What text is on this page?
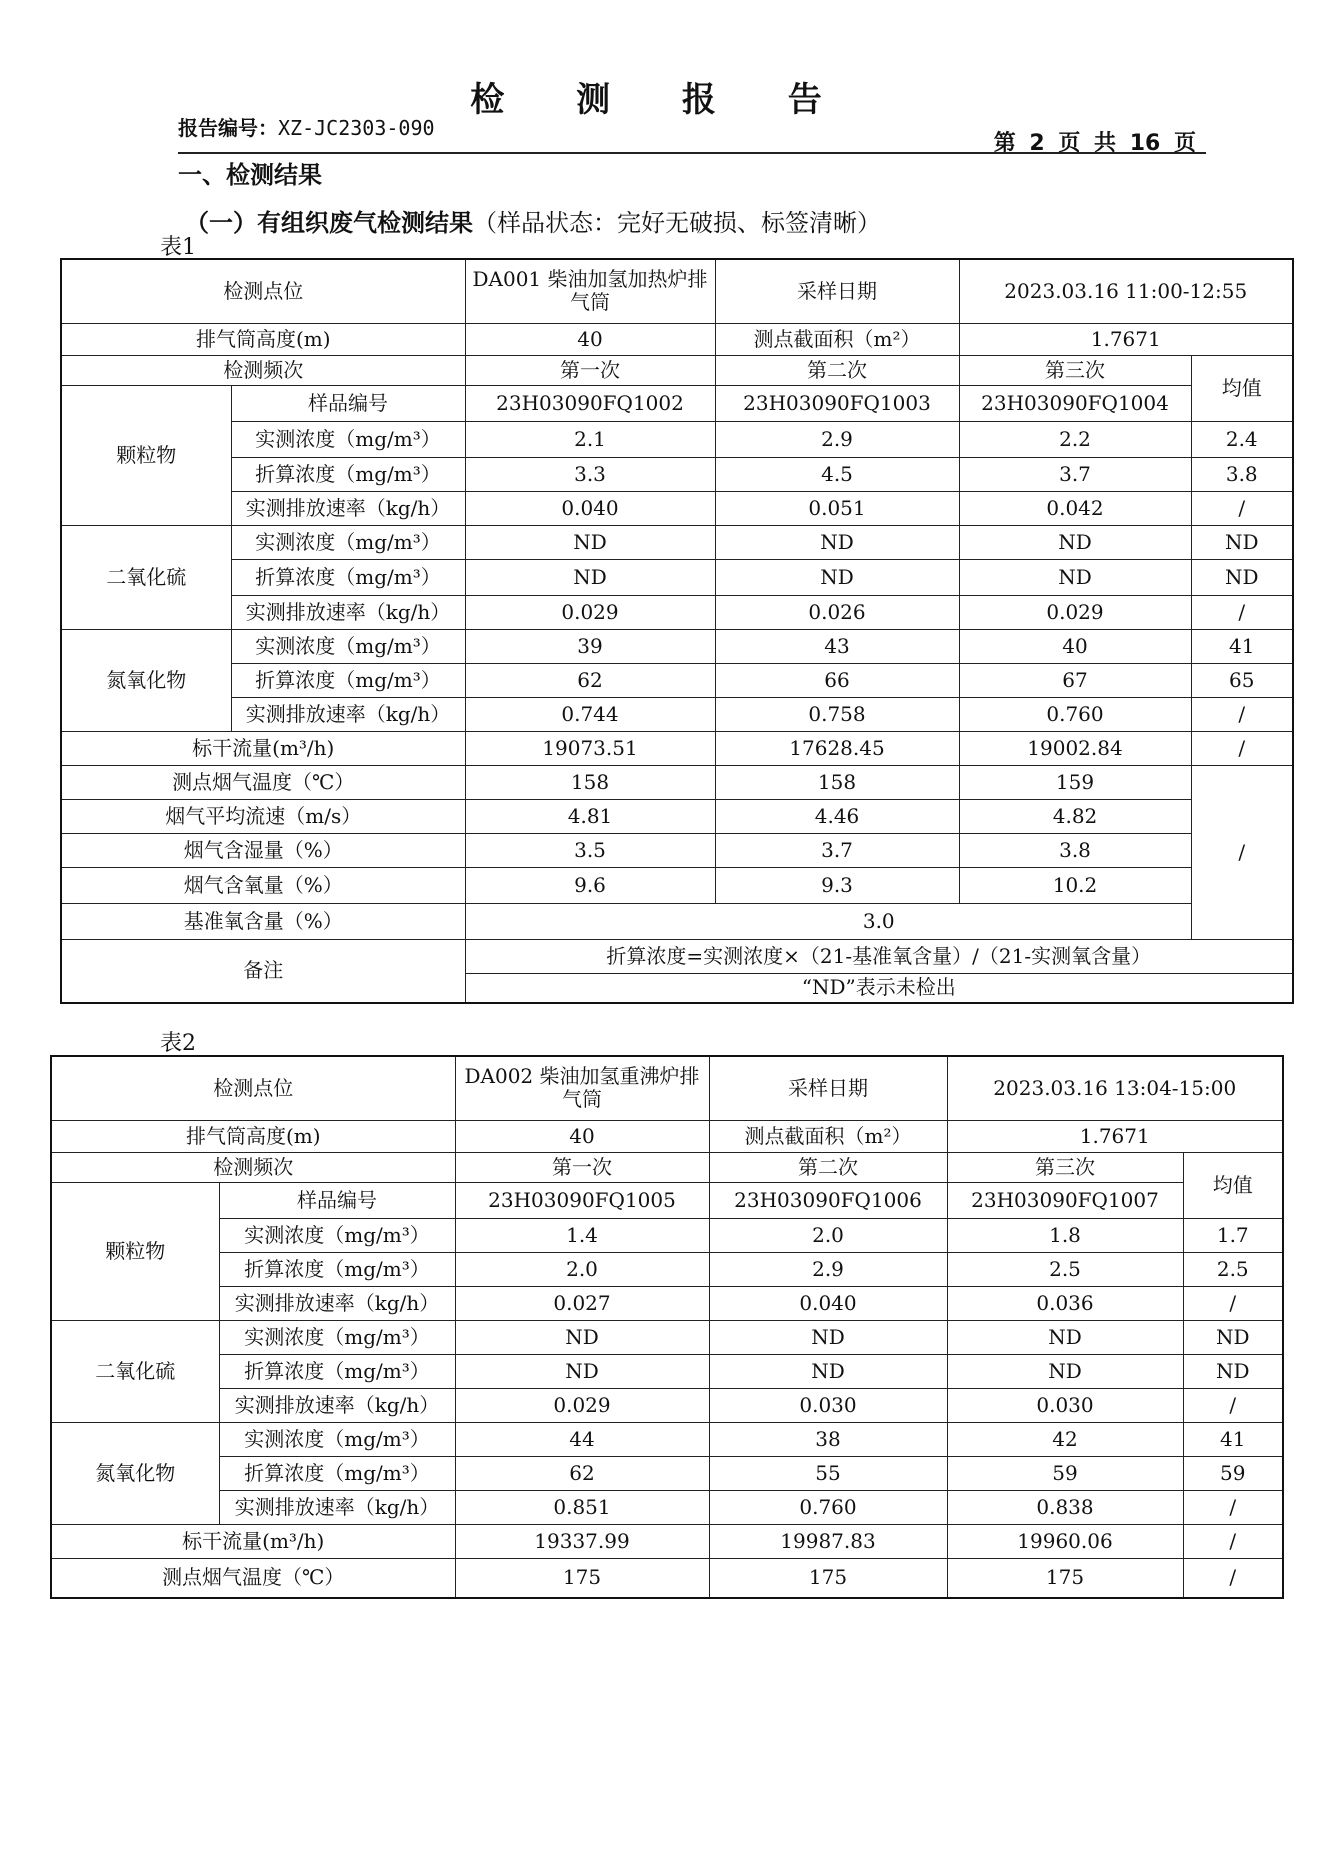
检 测 报 告
报告编号：XZ-JC2303-090
第 2 页 共 16 页
一、检测结果
（一）有组织废气检测结果（样品状态：完好无破损、标签清晰）
表1
检测点位		DA001 柴油加氢加热炉排气筒	采样日期	2023.03.16 11:00-12:55	
排气筒高度(m)		40	测点截面积（m²）	1.7671	
检测频次		第一次	第二次	第三次	均值
颗粒物	样品编号	23H03090FQ1002	23H03090FQ1003	23H03090FQ1004	
	实测浓度（mg/m³）	2.1	2.9	2.2	2.4
	折算浓度（mg/m³）	3.3	4.5	3.7	3.8
	实测排放速率（kg/h）	0.040	0.051	0.042	/
二氧化硫	实测浓度（mg/m³）	ND	ND	ND	ND
	折算浓度（mg/m³）	ND	ND	ND	ND
	实测排放速率（kg/h）	0.029	0.026	0.029	/
氮氧化物	实测浓度（mg/m³）	39	43	40	41
	折算浓度（mg/m³）	62	66	67	65
	实测排放速率（kg/h）	0.744	0.758	0.760	/
标干流量(m³/h)		19073.51	17628.45	19002.84	/
测点烟气温度（℃）		158	158	159	/
烟气平均流速（m/s）		4.81	4.46	4.82	
烟气含湿量（%）		3.5	3.7	3.8	
烟气含氧量（%）		9.6	9.3	10.2	
基准氧含量（%）		3.0			
备注		折算浓度=实测浓度×（21-基准氧含量）/（21-实测氧含量）			
		“ND”表示未检出			
表2
检测点位		DA002 柴油加氢重沸炉排气筒	采样日期	2023.03.16 13:04-15:00	
排气筒高度(m)		40	测点截面积（m²）	1.7671	
检测频次		第一次	第二次	第三次	均值
颗粒物	样品编号	23H03090FQ1005	23H03090FQ1006	23H03090FQ1007	
	实测浓度（mg/m³）	1.4	2.0	1.8	1.7
	折算浓度（mg/m³）	2.0	2.9	2.5	2.5
	实测排放速率（kg/h）	0.027	0.040	0.036	/
二氧化硫	实测浓度（mg/m³）	ND	ND	ND	ND
	折算浓度（mg/m³）	ND	ND	ND	ND
	实测排放速率（kg/h）	0.029	0.030	0.030	/
氮氧化物	实测浓度（mg/m³）	44	38	42	41
	折算浓度（mg/m³）	62	55	59	59
	实测排放速率（kg/h）	0.851	0.760	0.838	/
标干流量(m³/h)		19337.99	19987.83	19960.06	/
测点烟气温度（℃）		175	175	175	/
